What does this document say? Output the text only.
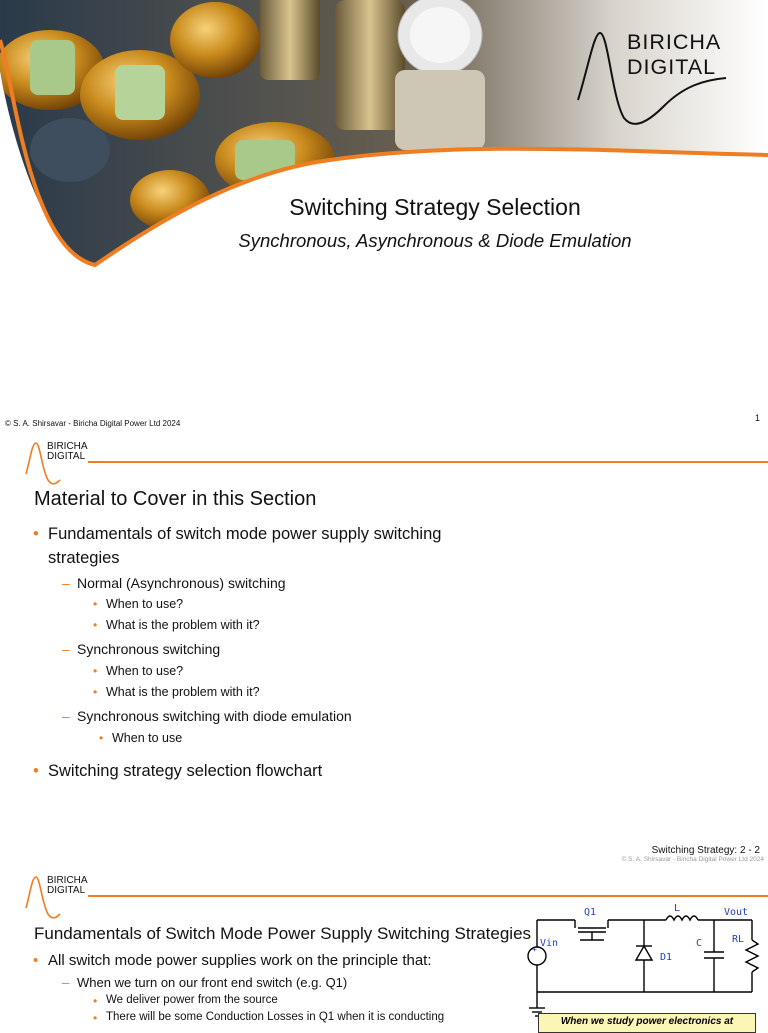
BIRICHA
DIGITAL
Switching Strategy Selection
Synchronous, Asynchronous & Diode Emulation
© S. A. Shirsavar - Biricha Digital Power Ltd 2024
1
BIRICHA
DIGITAL
Material to Cover in this Section
• Fundamentals of switch mode power supply switching
strategies
– Normal (Asynchronous) switching
• When to use?
• What is the problem with it?
– Synchronous switching
• When to use?
• What is the problem with it?
– Synchronous switching with diode emulation
• When to use
• Switching strategy selection flowchart
Switching Strategy: 2 - 2
© S. A. Shirsavar - Biricha Digital Power Ltd 2024
BIRICHA
DIGITAL
Fundamentals of Switch Mode Power Supply Switching Strategies
• All switch mode power supplies work on the principle that:
– When we turn on our front end switch (e.g. Q1)
• We deliver power from the source
• There will be some Conduction Losses in Q1 when it is conducting
+
Q1	L	Vout
Vin	C	RL
D1
When we study power electronics at
